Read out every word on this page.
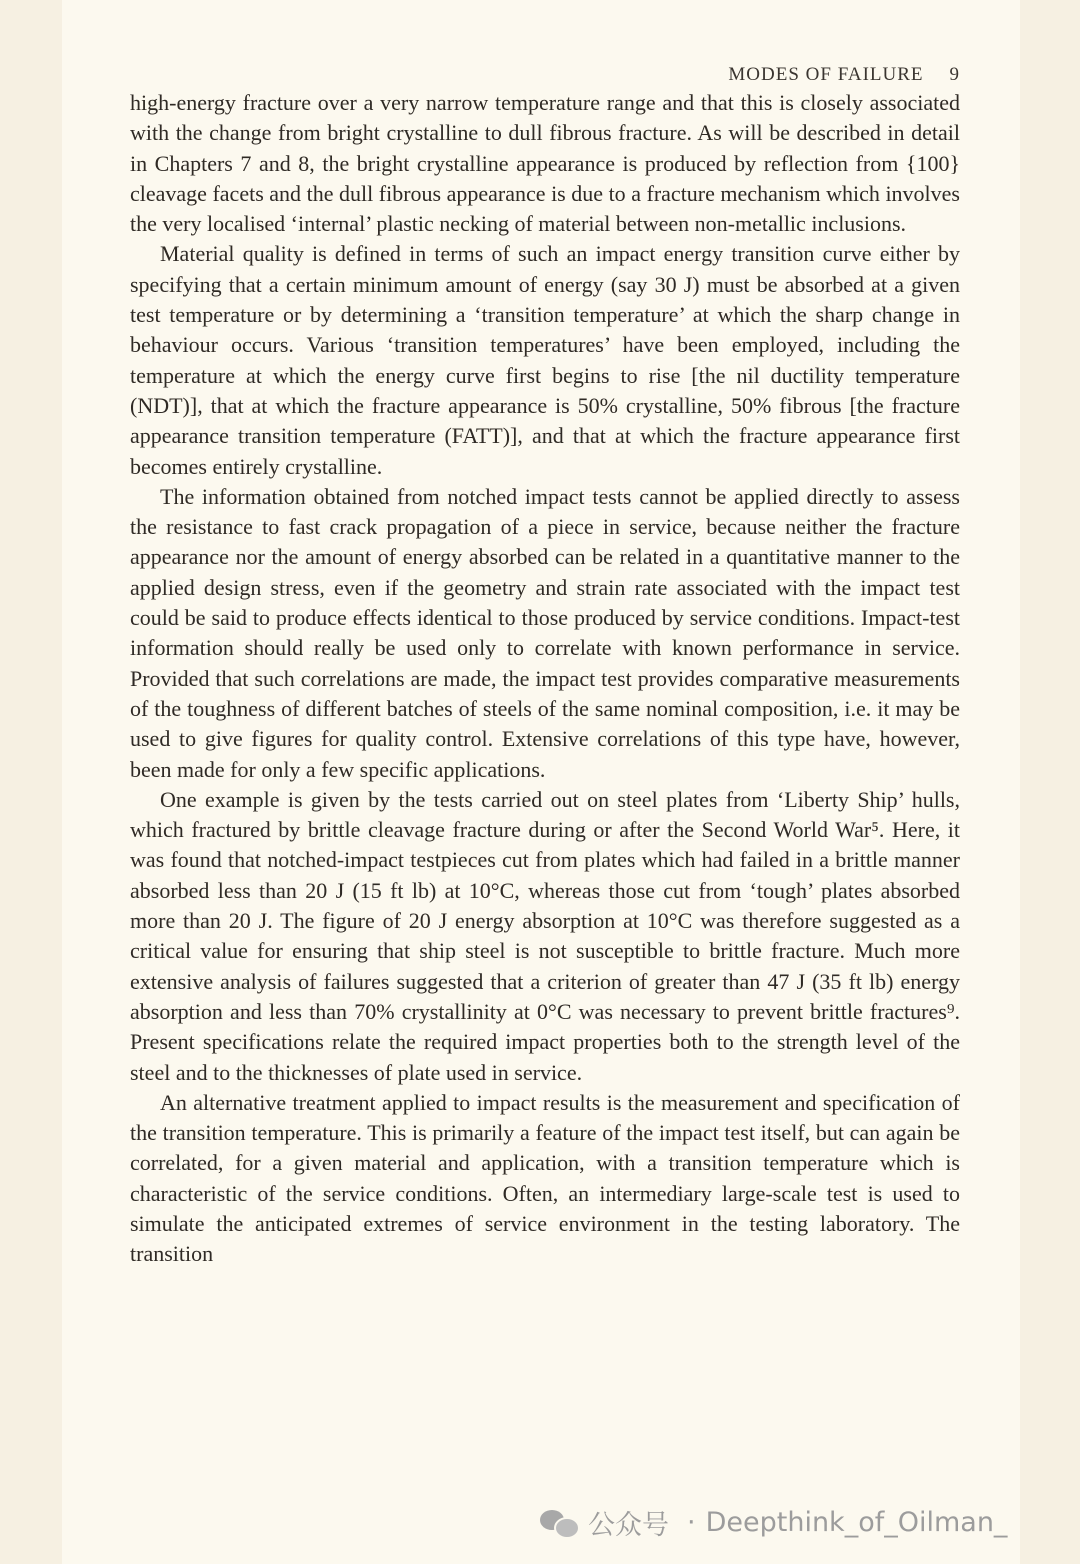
MODES OF FAILURE 9

high-energy fracture over a very narrow temperature range and that this is closely associated with the change from bright crystalline to dull fibrous fracture. As will be described in detail in Chapters 7 and 8, the bright crystalline appearance is produced by reflection from {100} cleavage facets and the dull fibrous appearance is due to a fracture mechanism which involves the very localised ‘internal’ plastic necking of material between non-metallic inclusions.

Material quality is defined in terms of such an impact energy transition curve either by specifying that a certain minimum amount of energy (say 30 J) must be absorbed at a given test temperature or by determining a ‘transition temperature’ at which the sharp change in behaviour occurs. Various ‘transition temperatures’ have been employed, including the temperature at which the energy curve first begins to rise [the nil ductility temperature (NDT)], that at which the fracture appearance is 50% crystalline, 50% fibrous [the fracture appearance transition temperature (FATT)], and that at which the fracture appearance first becomes entirely crystalline.

The information obtained from notched impact tests cannot be applied directly to assess the resistance to fast crack propagation of a piece in service, because neither the fracture appearance nor the amount of energy absorbed can be related in a quantitative manner to the applied design stress, even if the geometry and strain rate associated with the impact test could be said to produce effects identical to those produced by service conditions. Impact-test information should really be used only to correlate with known performance in service. Provided that such correlations are made, the impact test provides comparative measurements of the toughness of different batches of steels of the same nominal composition, i.e. it may be used to give figures for quality control. Extensive correlations of this type have, however, been made for only a few specific applications.

One example is given by the tests carried out on steel plates from ‘Liberty Ship’ hulls, which fractured by brittle cleavage fracture during or after the Second World War⁵. Here, it was found that notched-impact testpieces cut from plates which had failed in a brittle manner absorbed less than 20 J (15 ft lb) at 10°C, whereas those cut from ‘tough’ plates absorbed more than 20 J. The figure of 20 J energy absorption at 10°C was therefore suggested as a critical value for ensuring that ship steel is not susceptible to brittle fracture. Much more extensive analysis of failures suggested that a criterion of greater than 47 J (35 ft lb) energy absorption and less than 70% crystallinity at 0°C was necessary to prevent brittle fractures⁹. Present specifications relate the required impact properties both to the strength level of the steel and to the thicknesses of plate used in service.

An alternative treatment applied to impact results is the measurement and specification of the transition temperature. This is primarily a feature of the impact test itself, but can again be correlated, for a given material and application, with a transition temperature which is characteristic of the service conditions. Often, an intermediary large-scale test is used to simulate the anticipated extremes of service environment in the testing laboratory. The transition

公众号 · Deepthink_of_Oilman_
